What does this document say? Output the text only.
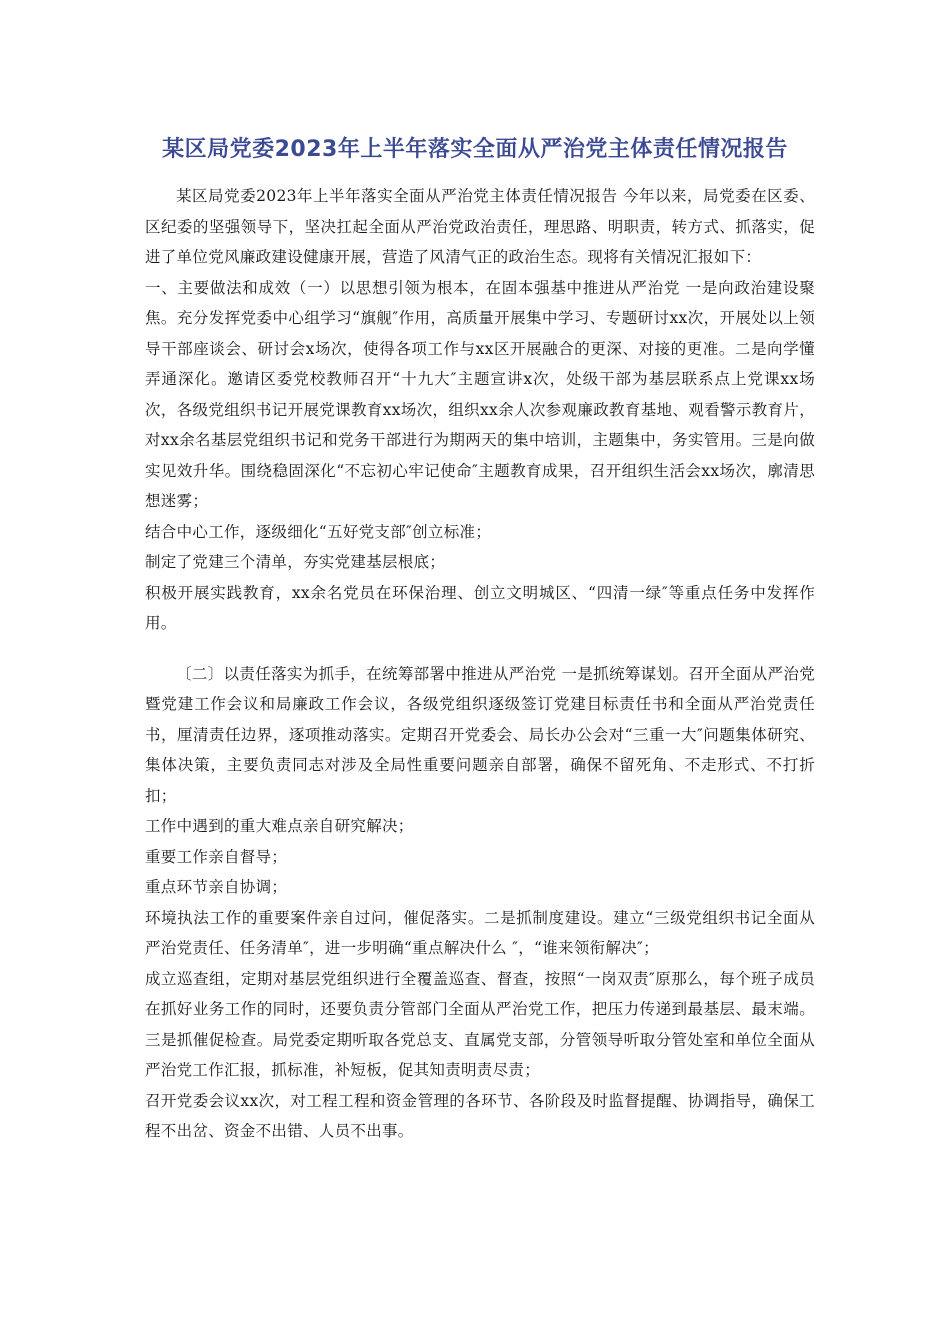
某区局党委2023年上半年落实全面从严治党主体责任情况报告

某区局党委2023年上半年落实全面从严治党主体责任情况报告 今年以来，局党委在区委、区纪委的坚强领导下，坚决扛起全面从严治党政治责任，理思路、明职责，转方式、抓落实，促进了单位党风廉政建设健康开展，营造了风清气正的政治生态。现将有关情况汇报如下：

一、主要做法和成效（一）以思想引领为根本，在固本强基中推进从严治党 一是向政治建设聚焦。充分发挥党委中心组学习“旗舰″作用，高质量开展集中学习、专题研讨xx次，开展处以上领导干部座谈会、研讨会x场次，使得各项工作与xx区开展融合的更深、对接的更准。二是向学懂弄通深化。邀请区委党校教师召开“十九大″主题宣讲x次，处级干部为基层联系点上党课xx场次，各级党组织书记开展党课教育xx场次，组织xx余人次参观廉政教育基地、观看警示教育片，对xx余名基层党组织书记和党务干部进行为期两天的集中培训，主题集中，务实管用。三是向做实见效升华。围绕稳固深化“不忘初心牢记使命″主题教育成果，召开组织生活会xx场次，廓清思想迷雾；

结合中心工作，逐级细化“五好党支部″创立标准；

制定了党建三个清单，夯实党建基层根底；

积极开展实践教育，xx余名党员在环保治理、创立文明城区、“四清一绿″等重点任务中发挥作用。

〔二〕以责任落实为抓手，在统筹部署中推进从严治党 一是抓统筹谋划。召开全面从严治党暨党建工作会议和局廉政工作会议，各级党组织逐级签订党建目标责任书和全面从严治党责任书，厘清责任边界，逐项推动落实。定期召开党委会、局长办公会对“三重一大″问题集体研究、集体决策，主要负责同志对涉及全局性重要问题亲自部署，确保不留死角、不走形式、不打折扣；

工作中遇到的重大难点亲自研究解决；

重要工作亲自督导；

重点环节亲自协调；

环境执法工作的重要案件亲自过问，催促落实。二是抓制度建设。建立“三级党组织书记全面从严治党责任、任务清单″，进一步明确“重点解决什么 ″，“谁来领衔解决″；

成立巡查组，定期对基层党组织进行全覆盖巡查、督查，按照“一岗双责″原那么，每个班子成员在抓好业务工作的同时，还要负责分管部门全面从严治党工作，把压力传递到最基层、最末端。三是抓催促检查。局党委定期听取各党总支、直属党支部，分管领导听取分管处室和单位全面从严治党工作汇报，抓标准，补短板，促其知责明责尽责；

召开党委会议xx次，对工程工程和资金管理的各环节、各阶段及时监督提醒、协调指导，确保工程不出岔、资金不出错、人员不出事。
